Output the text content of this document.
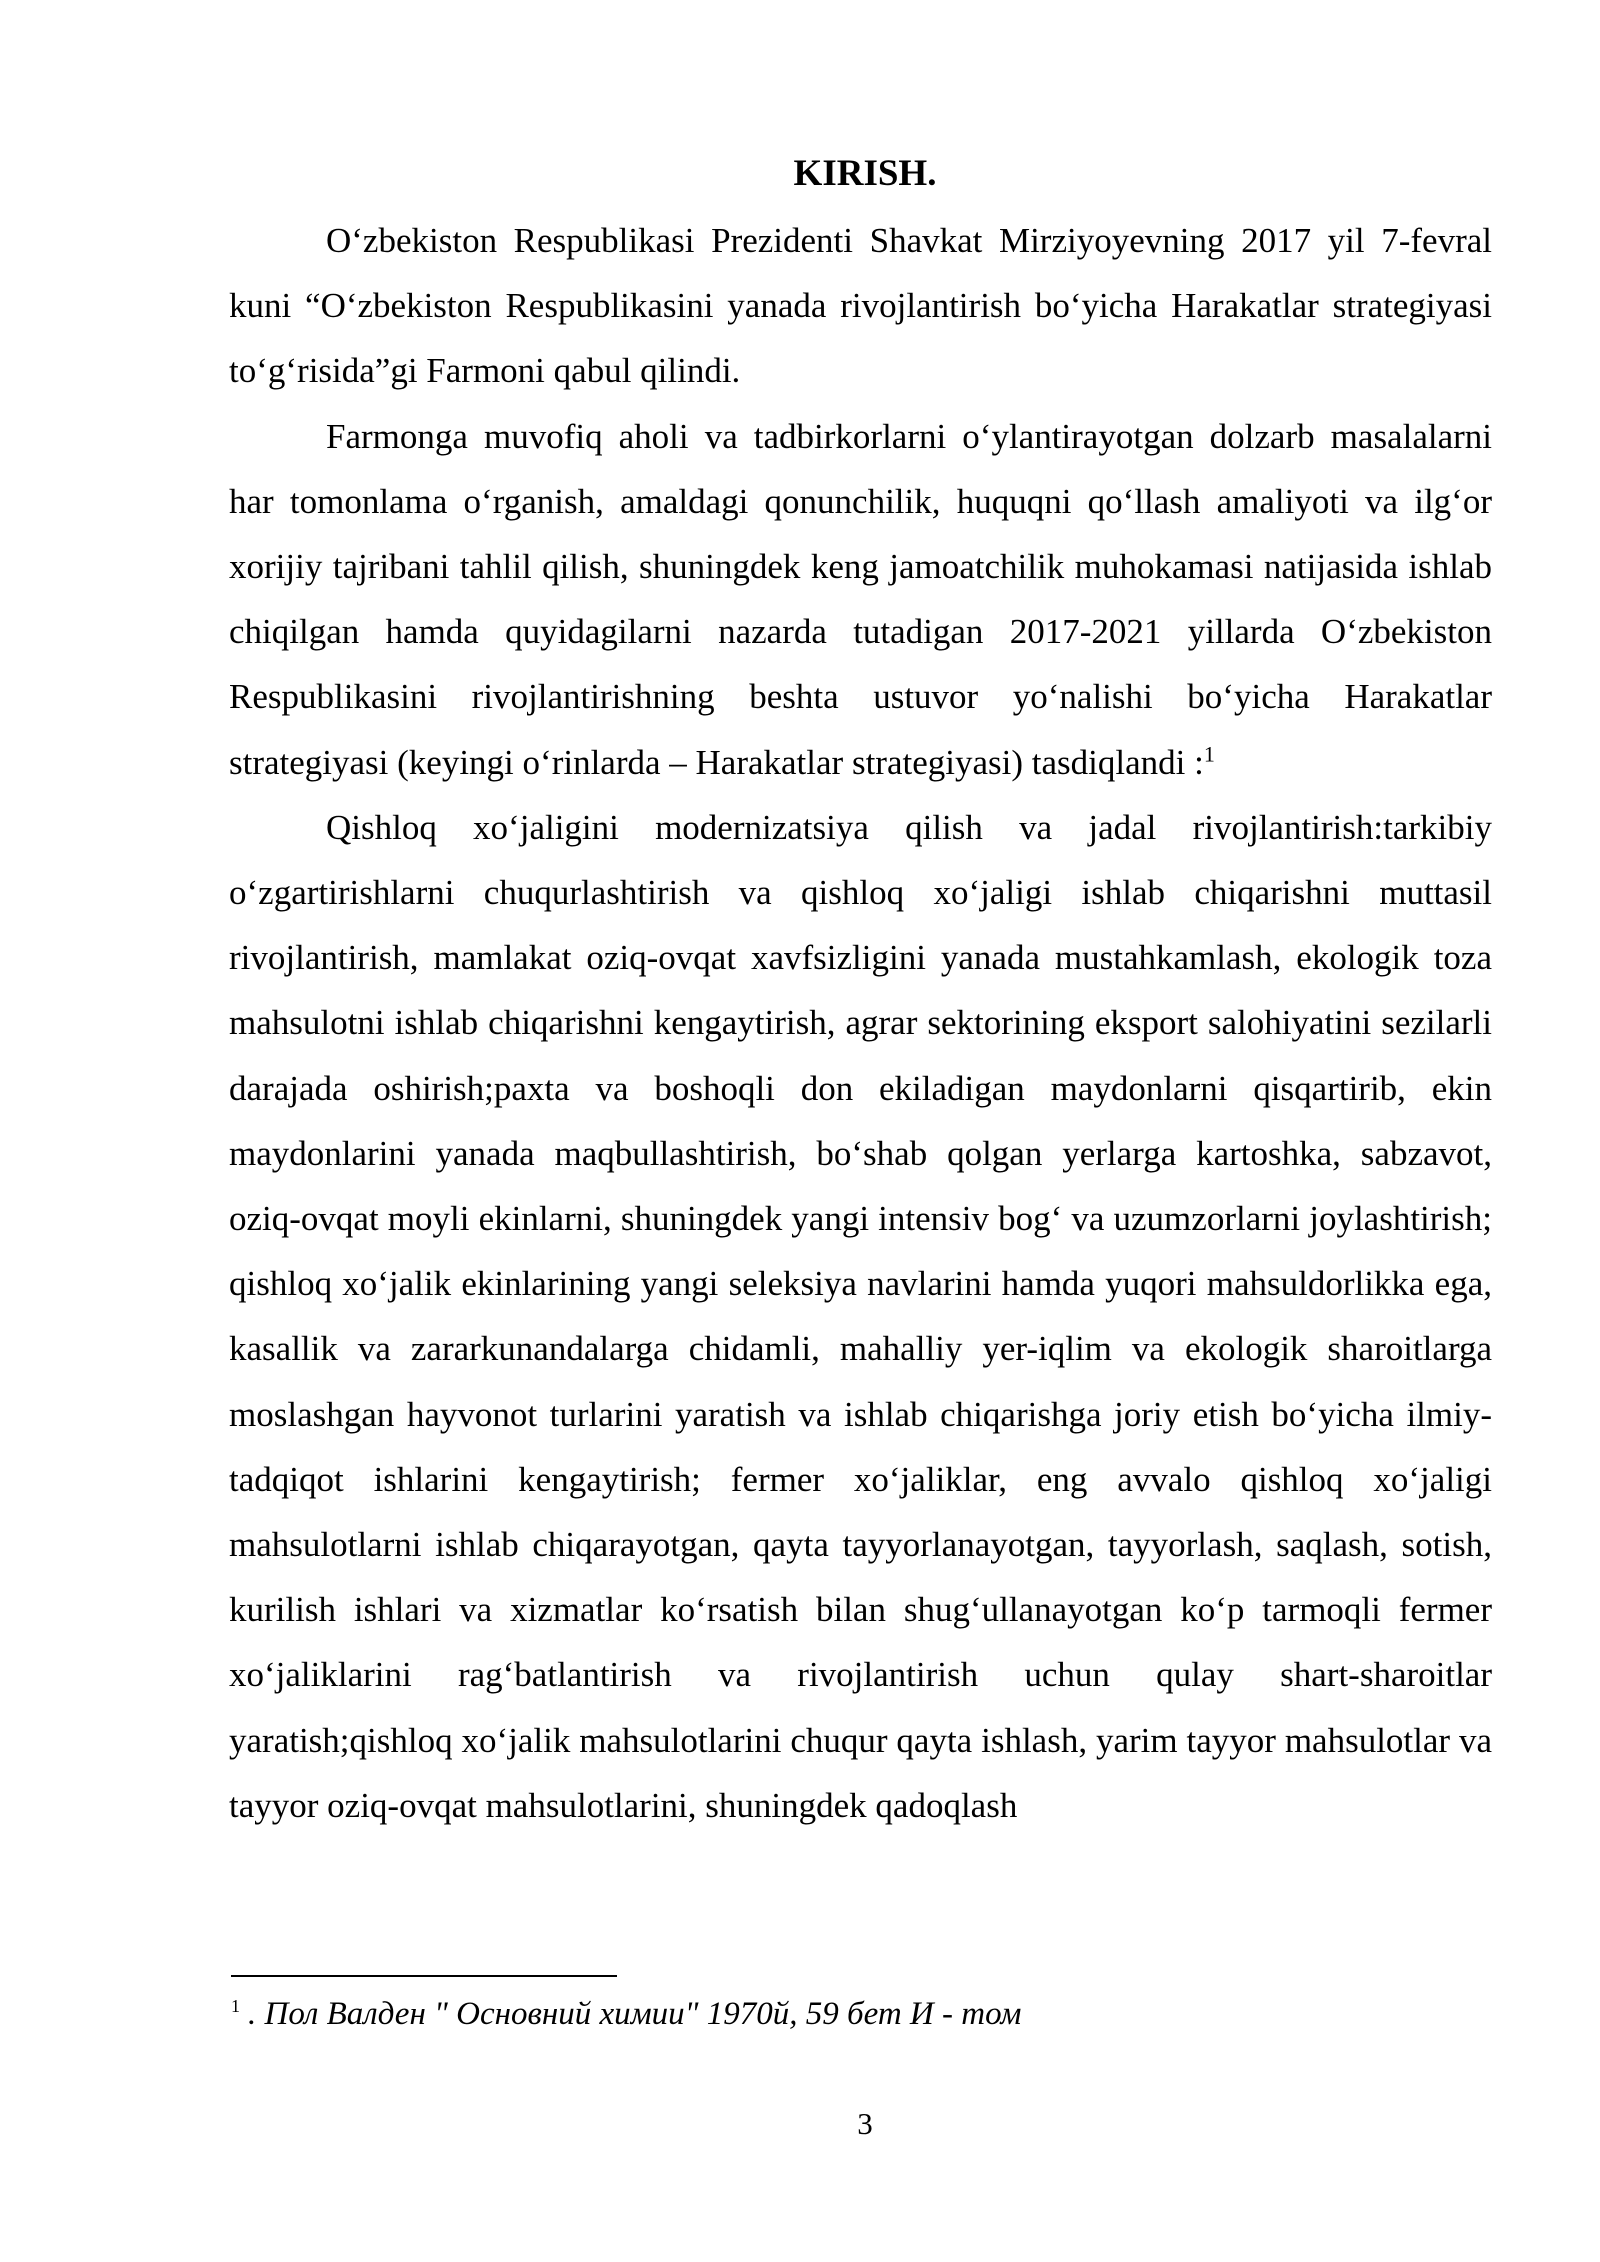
KIRISH.

O‘zbekiston Respublikasi Prezidenti Shavkat Mirziyoyevning 2017 yil 7-fevral kuni “O‘zbekiston Respublikasini yanada rivojlantirish bo‘yicha Harakatlar strategiyasi to‘g‘risida”gi Farmoni qabul qilindi.

Farmonga muvofiq aholi va tadbirkorlarni o‘ylantirayotgan dolzarb masalalarni har tomonlama o‘rganish, amaldagi qonunchilik, huquqni qo‘llash amaliyoti va ilg‘or xorijiy tajribani tahlil qilish, shuningdek keng jamoatchilik muhokamasi natijasida ishlab chiqilgan hamda quyidagilarni nazarda tutadigan 2017-2021 yillarda O‘zbekiston Respublikasini rivojlantirishning beshta ustuvor yo‘nalishi bo‘yicha Harakatlar strategiyasi (keyingi o‘rinlarda – Harakatlar strategiyasi) tasdiqlandi :$^1$

Qishloq xo‘jaligini modernizatsiya qilish va jadal rivojlantirish:tarkibiy o‘zgartirishlarni chuqurlashtirish va qishloq xo‘jaligi ishlab chiqarishni muttasil rivojlantirish, mamlakat oziq-ovqat xavfsizligini yanada mustahkamlash, ekologik toza mahsulotni ishlab chiqarishni kengaytirish, agrar sektorining eksport salohiyatini sezilarli darajada oshirish;paxta va boshoqli don ekiladigan maydonlarni qisqartirib, ekin maydonlarini yanada maqbullashtirish, bo‘shab qolgan yerlarga kartoshka, sabzavot, oziq-ovqat moyli ekinlarni, shuningdek yangi intensiv bog‘ va uzumzorlarni joylashtirish; qishloq xo‘jalik ekinlarining yangi seleksiya navlarini hamda yuqori mahsuldorlikka ega, kasallik va zararkunandalarga chidamli, mahalliy yer-iqlim va ekologik sharoitlarga moslashgan hayvonot turlarini yaratish va ishlab chiqarishga joriy etish bo‘yicha ilmiy-tadqiqot ishlarini kengaytirish; fermer xo‘jaliklar, eng avvalo qishloq xo‘jaligi mahsulotlarni ishlab chiqarayotgan, qayta tayyorlanayotgan, tayyorlash, saqlash, sotish, kurilish ishlari va xizmatlar ko‘rsatish bilan shug‘ullanayotgan ko‘p tarmoqli fermer xo‘jaliklarini rag‘batlantirish va rivojlantirish uchun qulay shart-sharoitlar yaratish;qishloq xo‘jalik mahsulotlarini chuqur qayta ishlash, yarim tayyor mahsulotlar va tayyor oziq-ovqat mahsulotlarini, shuningdek qadoqlash

$^1$ . Пол Валден " Основний химии" 1970й, 59 бет И - том
3
